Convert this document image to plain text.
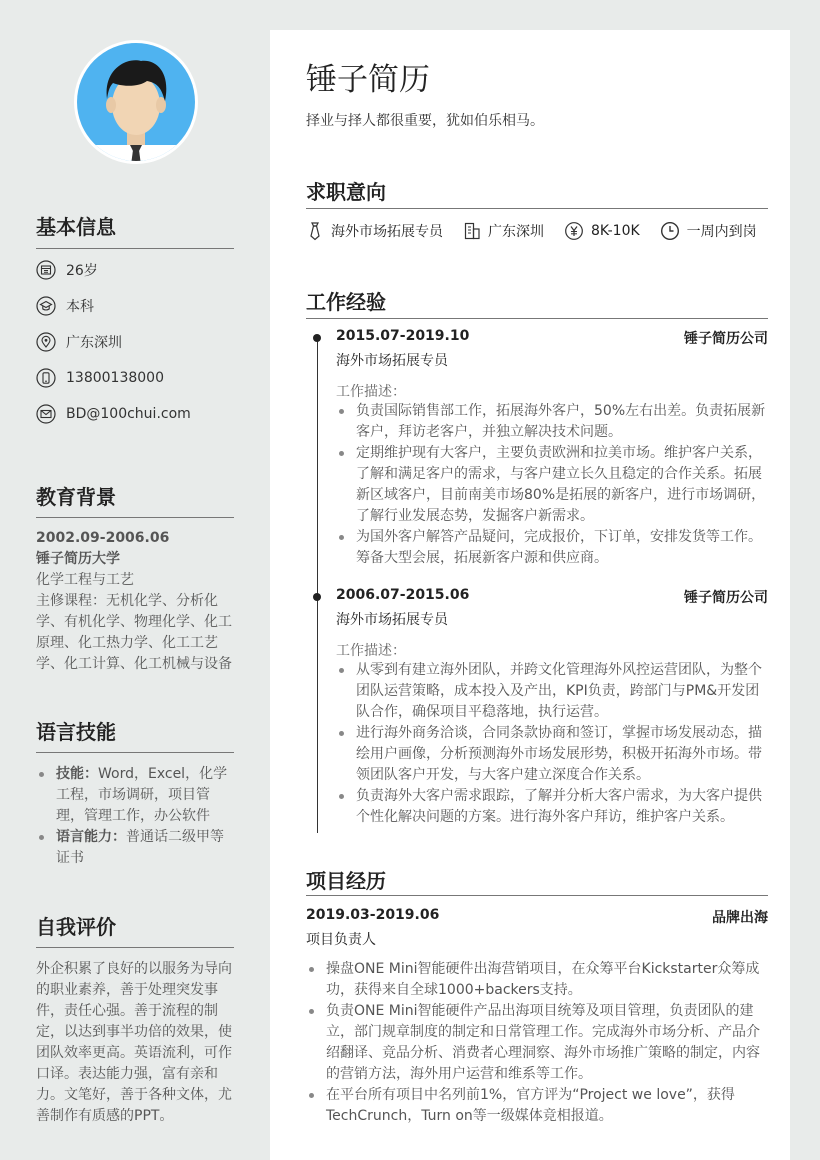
基本信息
26岁
本科
广东深圳
13800138000
BD@100chui.com
教育背景
2002.09-2006.06
锤子简历大学
化学工程与工艺
主修课程：无机化学、分析化学、有机化学、物理化学、化工原理、化工热力学、化工工艺学、化工计算、化工机械与设备
语言技能
技能：Word，Excel，化学工程，市场调研，项目管理，管理工作，办公软件
语言能力：普通话二级甲等证书
自我评价
外企积累了良好的以服务为导向的职业素养，善于处理突发事件，责任心强。善于流程的制定，以达到事半功倍的效果，使团队效率更高。英语流利，可作口译。表达能力强，富有亲和力。文笔好，善于各种文体，尤善制作有质感的PPT。
锤子简历
择业与择人都很重要，犹如伯乐相马。
求职意向
海外市场拓展专员	广东深圳	8K-10K	一周内到岗
工作经验
2015.07-2019.10	锤子简历公司
海外市场拓展专员
工作描述：
负责国际销售部工作，拓展海外客户，50%左右出差。负责拓展新客户，拜访老客户，并独立解决技术问题。
定期维护现有大客户，主要负责欧洲和拉美市场。维护客户关系，了解和满足客户的需求，与客户建立长久且稳定的合作关系。拓展新区域客户，目前南美市场80%是拓展的新客户，进行市场调研，了解行业发展态势，发掘客户新需求。
为国外客户解答产品疑问，完成报价，下订单，安排发货等工作。筹备大型会展，拓展新客户源和供应商。
2006.07-2015.06	锤子简历公司
海外市场拓展专员
工作描述：
从零到有建立海外团队，并跨文化管理海外风控运营团队，为整个团队运营策略，成本投入及产出，KPI负责，跨部门与PM&开发团队合作，确保项目平稳落地，执行运营。
进行海外商务洽谈，合同条款协商和签订，掌握市场发展动态，描绘用户画像，分析预测海外市场发展形势，积极开拓海外市场。带领团队客户开发，与大客户建立深度合作关系。
负责海外大客户需求跟踪，了解并分析大客户需求，为大客户提供个性化解决问题的方案。进行海外客户拜访，维护客户关系。
项目经历
2019.03-2019.06	品牌出海
项目负责人
操盘ONE Mini智能硬件出海营销项目，在众筹平台Kickstarter众筹成功，获得来自全球1000+backers支持。
负责ONE Mini智能硬件产品出海项目统筹及项目管理，负责团队的建立，部门规章制度的制定和日常管理工作。完成海外市场分析、产品介绍翻译、竞品分析、消费者心理洞察、海外市场推广策略的制定，内容的营销方法，海外用户运营和维系等工作。
在平台所有项目中名列前1%，官方评为“Project we love”，获得TechCrunch，Turn on等一级媒体竞相报道。
